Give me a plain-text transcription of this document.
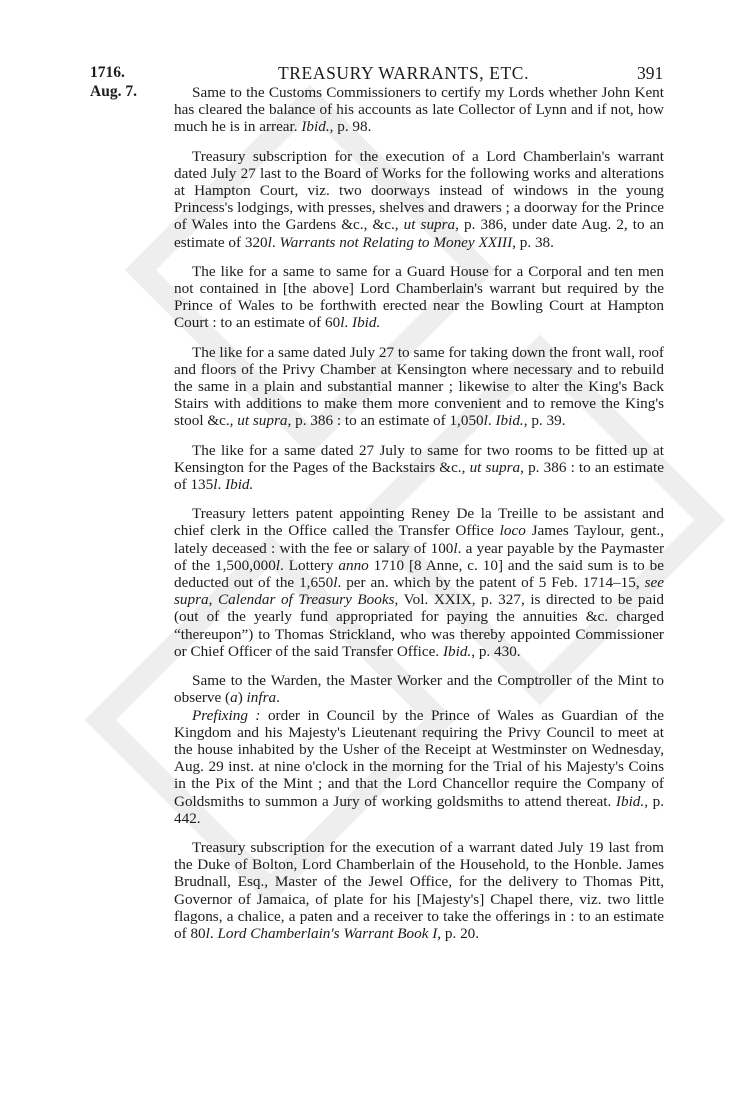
1716.
Aug. 7.
TREASURY WARRANTS, ETC.	391

Same to the Customs Commissioners to certify my Lords whether John Kent has cleared the balance of his accounts as late Collector of Lynn and if not, how much he is in arrear. Ibid., p. 98.

Treasury subscription for the execution of a Lord Chamberlain's warrant dated July 27 last to the Board of Works for the following works and alterations at Hampton Court, viz. two doorways instead of windows in the young Princess's lodgings, with presses, shelves and drawers ; a doorway for the Prince of Wales into the Gardens &c., &c., ut supra, p. 386, under date Aug. 2, to an estimate of 320l. Warrants not Relating to Money XXIII, p. 38.

The like for a same to same for a Guard House for a Corporal and ten men not contained in [the above] Lord Chamberlain's warrant but required by the Prince of Wales to be forthwith erected near the Bowling Court at Hampton Court : to an estimate of 60l. Ibid.

The like for a same dated July 27 to same for taking down the front wall, roof and floors of the Privy Chamber at Kensington where necessary and to rebuild the same in a plain and substantial manner ; likewise to alter the King's Back Stairs with additions to make them more convenient and to remove the King's stool &c., ut supra, p. 386 : to an estimate of 1,050l. Ibid., p. 39.

The like for a same dated 27 July to same for two rooms to be fitted up at Kensington for the Pages of the Backstairs &c., ut supra, p. 386 : to an estimate of 135l. Ibid.

Treasury letters patent appointing Reney De la Treille to be assistant and chief clerk in the Office called the Transfer Office loco James Taylour, gent., lately deceased : with the fee or salary of 100l. a year payable by the Paymaster of the 1,500,000l. Lottery anno 1710 [8 Anne, c. 10] and the said sum is to be deducted out of the 1,650l. per an. which by the patent of 5 Feb. 1714–15, see supra, Calendar of Treasury Books, Vol. XXIX, p. 327, is directed to be paid (out of the yearly fund appropriated for paying the annuities &c. charged “thereupon”) to Thomas Strickland, who was thereby appointed Commissioner or Chief Officer of the said Transfer Office. Ibid., p. 430.

Same to the Warden, the Master Worker and the Comptroller of the Mint to observe (a) infra.

Prefixing : order in Council by the Prince of Wales as Guardian of the Kingdom and his Majesty's Lieutenant requiring the Privy Council to meet at the house inhabited by the Usher of the Receipt at Westminster on Wednesday, Aug. 29 inst. at nine o'clock in the morning for the Trial of his Majesty's Coins in the Pix of the Mint ; and that the Lord Chancellor require the Company of Goldsmiths to summon a Jury of working goldsmiths to attend thereat. Ibid., p. 442.

Treasury subscription for the execution of a warrant dated July 19 last from the Duke of Bolton, Lord Chamberlain of the Household, to the Honble. James Brudnall, Esq., Master of the Jewel Office, for the delivery to Thomas Pitt, Governor of Jamaica, of plate for his [Majesty's] Chapel there, viz. two little flagons, a chalice, a paten and a receiver to take the offerings in : to an estimate of 80l. Lord Chamberlain's Warrant Book I, p. 20.
